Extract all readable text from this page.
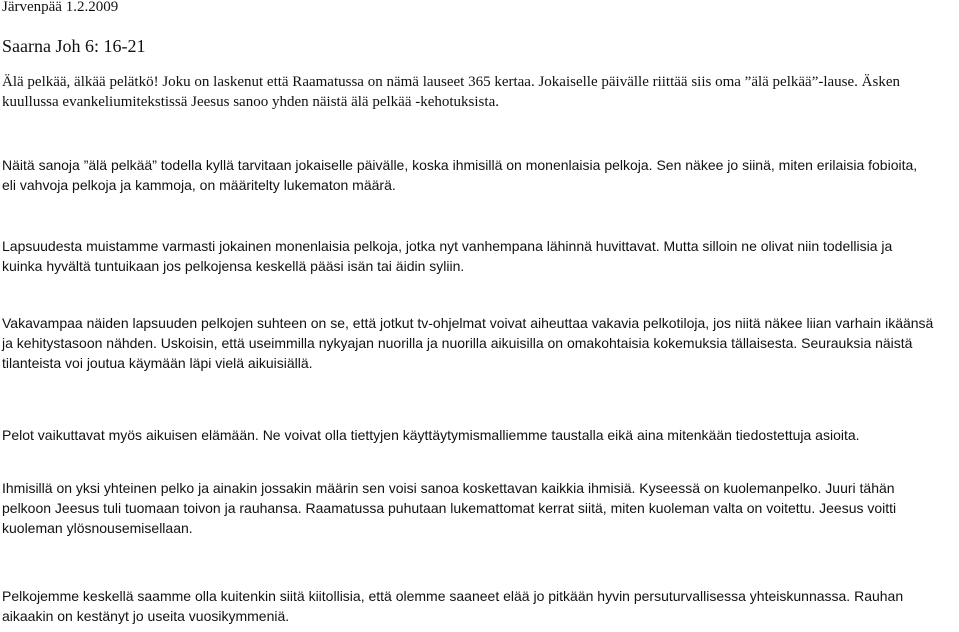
Järvenpää 1.2.2009
Saarna Joh 6: 16-21
Älä pelkää, älkää pelätkö! Joku on laskenut että Raamatussa on nämä lauseet 365 kertaa. Jokaiselle päivälle riittää siis oma ”älä pelkää”-lause. Äsken
kuullussa evankeliumitekstissä Jeesus sanoo yhden näistä älä pelkää -kehotuksista.
Näitä sanoja ”älä pelkää” todella kyllä tarvitaan jokaiselle päivälle, koska ihmisillä on monenlaisia pelkoja. Sen näkee jo siinä, miten erilaisia fobioita,
eli vahvoja pelkoja ja kammoja, on määritelty lukematon määrä.
Lapsuudesta muistamme varmasti jokainen monenlaisia pelkoja, jotka nyt vanhempana lähinnä huvittavat. Mutta silloin ne olivat niin todellisia ja
kuinka hyvältä tuntuikaan jos pelkojensa keskellä pääsi isän tai äidin syliin.
Vakavampaa näiden lapsuuden pelkojen suhteen on se, että jotkut tv-ohjelmat voivat aiheuttaa vakavia pelkotiloja, jos niitä näkee liian varhain ikäänsä
ja kehitystasoon nähden. Uskoisin, että useimmilla nykyajan nuorilla ja nuorilla aikuisilla on omakohtaisia kokemuksia tällaisesta. Seurauksia näistä
tilanteista voi joutua käymään läpi vielä aikuisiällä.
Pelot vaikuttavat myös aikuisen elämään. Ne voivat olla tiettyjen käyttäytymismalliemme taustalla eikä aina mitenkään tiedostettuja asioita.
Ihmisillä on yksi yhteinen pelko ja ainakin jossakin määrin sen voisi sanoa koskettavan kaikkia ihmisiä. Kyseessä on kuolemanpelko. Juuri tähän
pelkoon Jeesus tuli tuomaan toivon ja rauhansa. Raamatussa puhutaan lukemattomat kerrat siitä, miten kuoleman valta on voitettu. Jeesus voitti
kuoleman ylösnousemisellaan.
Pelkojemme keskellä saamme olla kuitenkin siitä kiitollisia, että olemme saaneet elää jo pitkään hyvin persuturvallisessa yhteiskunnassa. Rauhan
aikaakin on kestänyt jo useita vuosikymmeniä.
